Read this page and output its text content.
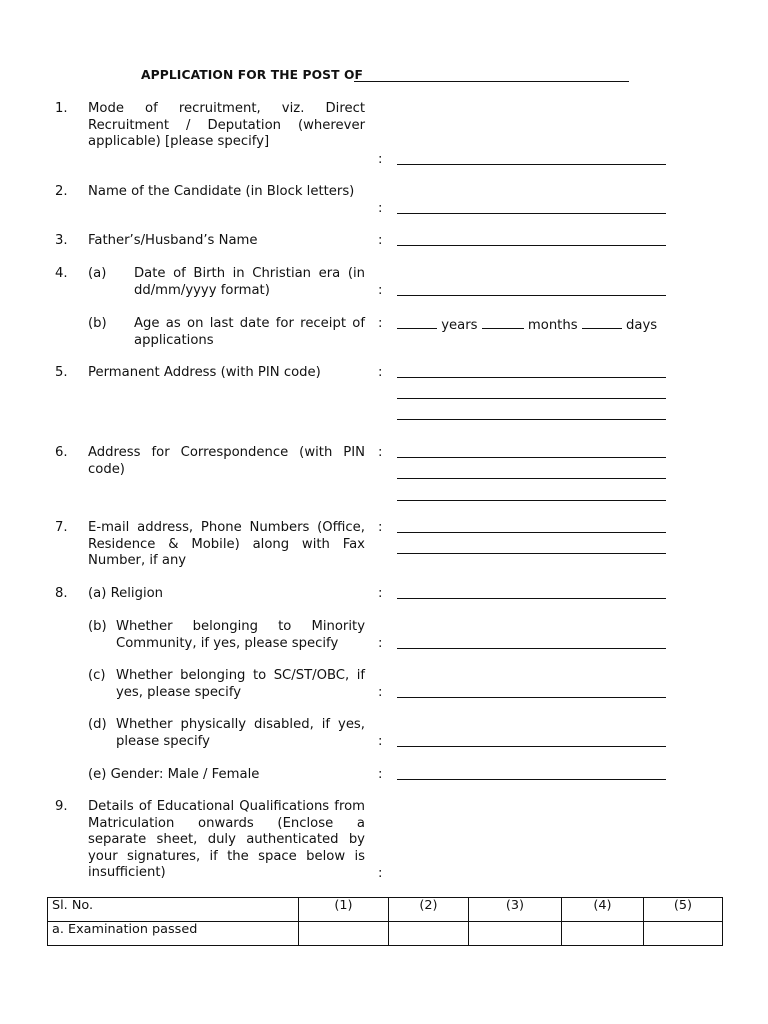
APPLICATION FOR THE POST OF
1. Mode of recruitment, viz. Direct Recruitment / Deputation (wherever applicable) [please specify]
:
2. Name of the Candidate (in Block letters)
:
3. Father’s/Husband’s Name	:
4. (a) Date of Birth in Christian era (in dd/mm/yyyy format)	:
(b) Age as on last date for receipt of applications
:	years	months	days
5. Permanent Address (with PIN code)	:
6. Address for Correspondence (with PIN code)
:
7. E-mail address, Phone Numbers (Office, Residence & Mobile) along with Fax Number, if any
:
8. (a) Religion	:
(b) Whether belonging to Minority Community, if yes, please specify	:
(c) Whether belonging to SC/ST/OBC, if yes, please specify	:
(d) Whether physically disabled, if yes, please specify	:
(e) Gender: Male / Female	:
9. Details of Educational Qualifications from Matriculation onwards (Enclose a separate sheet, duly authenticated by your signatures, if the space below is insufficient)	:
Sl. No.	(1)	(2)	(3)	(4)	(5)
a. Examination passed					
